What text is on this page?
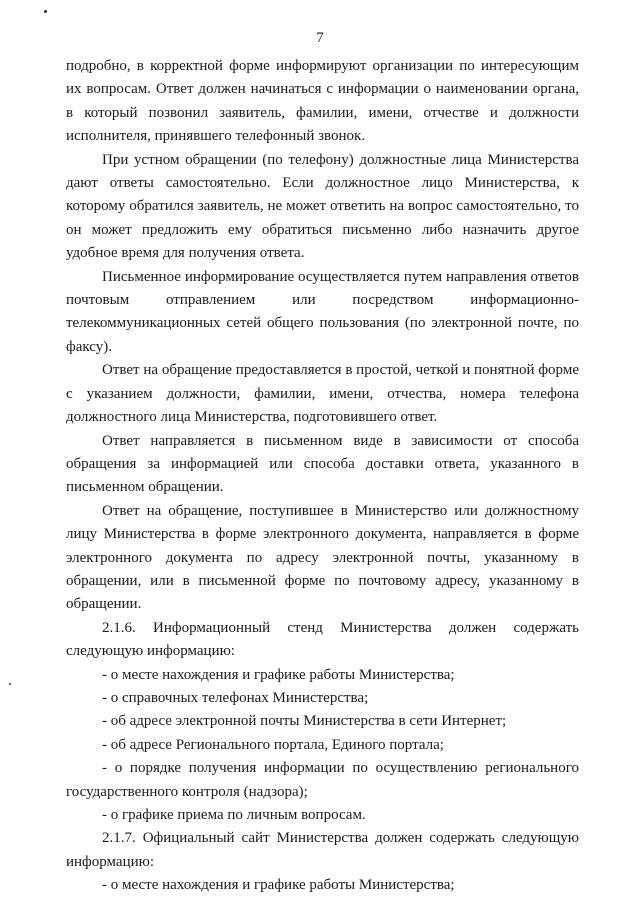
7

подробно, в корректной форме информируют организации по интересующим их вопросам. Ответ должен начинаться с информации о наименовании органа, в который позвонил заявитель, фамилии, имени, отчестве и должности исполнителя, принявшего телефонный звонок.

При устном обращении (по телефону) должностные лица Министерства дают ответы самостоятельно. Если должностное лицо Министерства, к которому обратился заявитель, не может ответить на вопрос самостоятельно, то он может предложить ему обратиться письменно либо назначить другое удобное время для получения ответа.

Письменное информирование осуществляется путем направления ответов почтовым отправлением или посредством информационно-телекоммуникационных сетей общего пользования (по электронной почте, по факсу).

Ответ на обращение предоставляется в простой, четкой и понятной форме с указанием должности, фамилии, имени, отчества, номера телефона должностного лица Министерства, подготовившего ответ.

Ответ направляется в письменном виде в зависимости от способа обращения за информацией или способа доставки ответа, указанного в письменном обращении.

Ответ на обращение, поступившее в Министерство или должностному лицу Министерства в форме электронного документа, направляется в форме электронного документа по адресу электронной почты, указанному в обращении, или в письменной форме по почтовому адресу, указанному в обращении.

2.1.6. Информационный стенд Министерства должен содержать следующую информацию:

- о месте нахождения и графике работы Министерства;

- о справочных телефонах Министерства;

- об адресе электронной почты Министерства в сети Интернет;

- об адресе Регионального портала, Единого портала;

- о порядке получения информации по осуществлению регионального государственного контроля (надзора);

- о графике приема по личным вопросам.

2.1.7. Официальный сайт Министерства должен содержать следующую информацию:

- о месте нахождения и графике работы Министерства;
